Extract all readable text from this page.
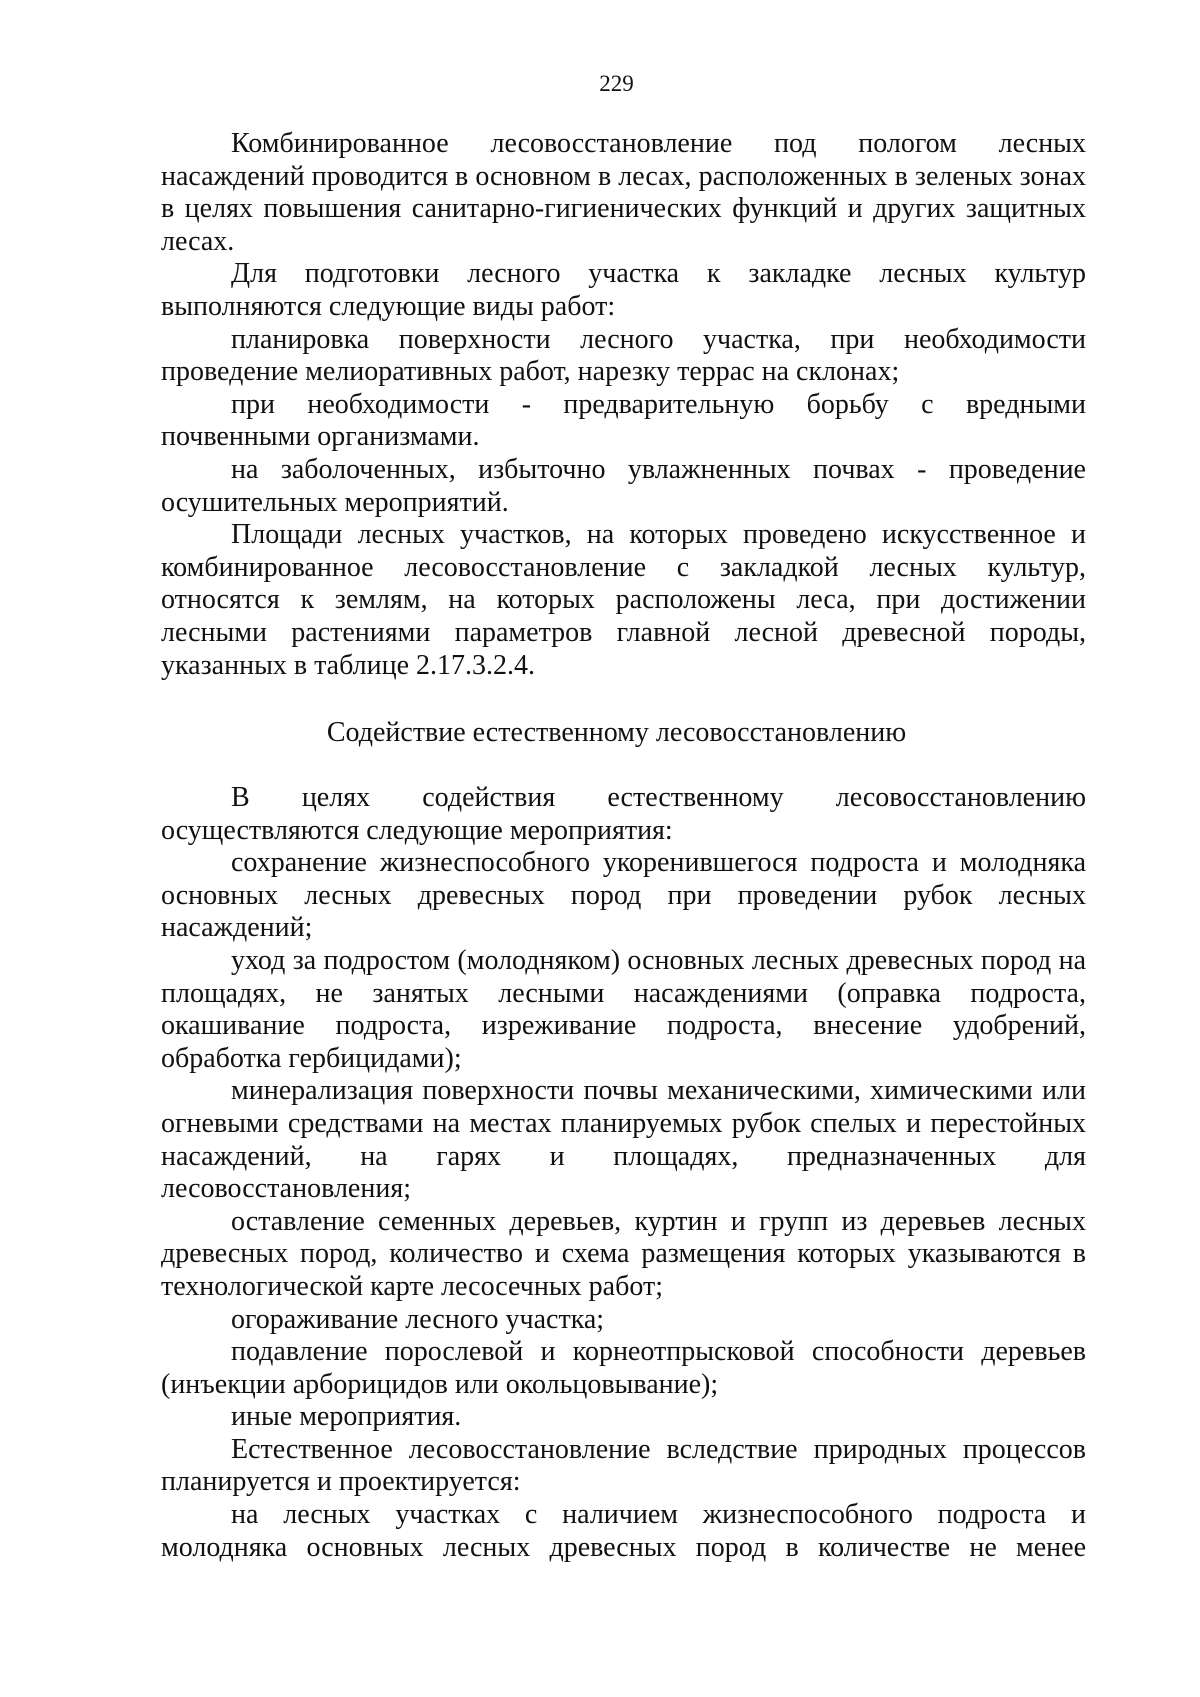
229

Комбинированное лесовосстановление под пологом лесных насаждений проводится в основном в лесах, расположенных в зеленых зонах в целях повышения санитарно-гигиенических функций и других защитных лесах.

Для подготовки лесного участка к закладке лесных культур выполняются следующие виды работ:

планировка поверхности лесного участка, при необходимости проведение мелиоративных работ, нарезку террас на склонах;

при необходимости - предварительную борьбу с вредными почвенными организмами.

на заболоченных, избыточно увлажненных почвах - проведение осушительных мероприятий.

Площади лесных участков, на которых проведено искусственное и комбинированное лесовосстановление с закладкой лесных культур, относятся к землям, на которых расположены леса, при достижении лесными растениями параметров главной лесной древесной породы, указанных в таблице 2.17.3.2.4.

Содействие естественному лесовосстановлению

В целях содействия естественному лесовосстановлению осуществляются следующие мероприятия:

сохранение жизнеспособного укоренившегося подроста и молодняка основных лесных древесных пород при проведении рубок лесных насаждений;

уход за подростом (молодняком) основных лесных древесных пород на площадях, не занятых лесными насаждениями (оправка подроста, окашивание подроста, изреживание подроста, внесение удобрений, обработка гербицидами);

минерализация поверхности почвы механическими, химическими или огневыми средствами на местах планируемых рубок спелых и перестойных насаждений, на гарях и площадях, предназначенных для лесовосстановления;

оставление семенных деревьев, куртин и групп из деревьев лесных древесных пород, количество и схема размещения которых указываются в технологической карте лесосечных работ;

огораживание лесного участка;

подавление порослевой и корнеотпрысковой способности деревьев (инъекции арборицидов или окольцовывание);

иные мероприятия.

Естественное лесовосстановление вследствие природных процессов планируется и проектируется:

на лесных участках с наличием жизнеспособного подроста и молодняка основных лесных древесных пород в количестве не менее
